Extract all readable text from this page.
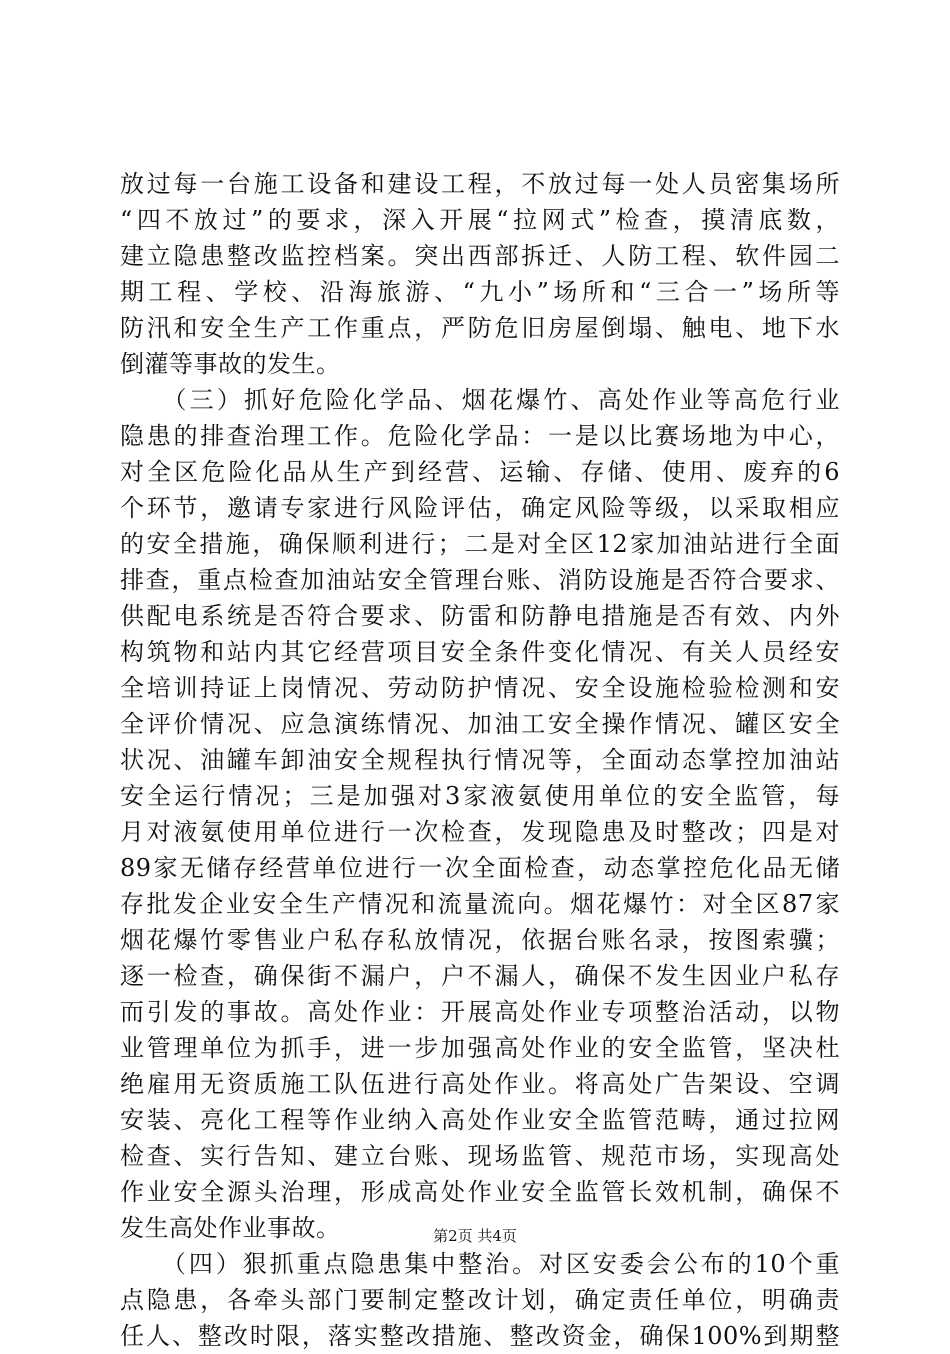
放过每一台施工设备和建设工程，不放过每一处人员密集场所
“四不放过”的要求，深入开展“拉网式”检查，摸清底数，
建立隐患整改监控档案。突出西部拆迁、人防工程、软件园二
期工程、学校、沿海旅游、“九小”场所和“三合一”场所等
防汛和安全生产工作重点，严防危旧房屋倒塌、触电、地下水
倒灌等事故的发生。
　　（三）抓好危险化学品、烟花爆竹、高处作业等高危行业
隐患的排查治理工作。危险化学品：一是以比赛场地为中心，
对全区危险化品从生产到经营、运输、存储、使用、废弃的6
个环节，邀请专家进行风险评估，确定风险等级，以采取相应
的安全措施，确保顺利进行；二是对全区12家加油站进行全面
排查，重点检查加油站安全管理台账、消防设施是否符合要求、
供配电系统是否符合要求、防雷和防静电措施是否有效、内外
构筑物和站内其它经营项目安全条件变化情况、有关人员经安
全培训持证上岗情况、劳动防护情况、安全设施检验检测和安
全评价情况、应急演练情况、加油工安全操作情况、罐区安全
状况、油罐车卸油安全规程执行情况等，全面动态掌控加油站
安全运行情况；三是加强对3家液氨使用单位的安全监管，每
月对液氨使用单位进行一次检查，发现隐患及时整改；四是对
89家无储存经营单位进行一次全面检查，动态掌控危化品无储
存批发企业安全生产情况和流量流向。烟花爆竹：对全区87家
烟花爆竹零售业户私存私放情况，依据台账名录，按图索骥；
逐一检查，确保街不漏户，户不漏人，确保不发生因业户私存
而引发的事故。高处作业：开展高处作业专项整治活动，以物
业管理单位为抓手，进一步加强高处作业的安全监管，坚决杜
绝雇用无资质施工队伍进行高处作业。将高处广告架设、空调
安装、亮化工程等作业纳入高处作业安全监管范畴，通过拉网
检查、实行告知、建立台账、现场监管、规范市场，实现高处
作业安全源头治理，形成高处作业安全监管长效机制，确保不
发生高处作业事故。
　　（四）狠抓重点隐患集中整治。对区安委会公布的10个重
点隐患，各牵头部门要制定整改计划，确定责任单位，明确责
任人、整改时限，落实整改措施、整改资金，确保100%到期整
第2页 共4页
